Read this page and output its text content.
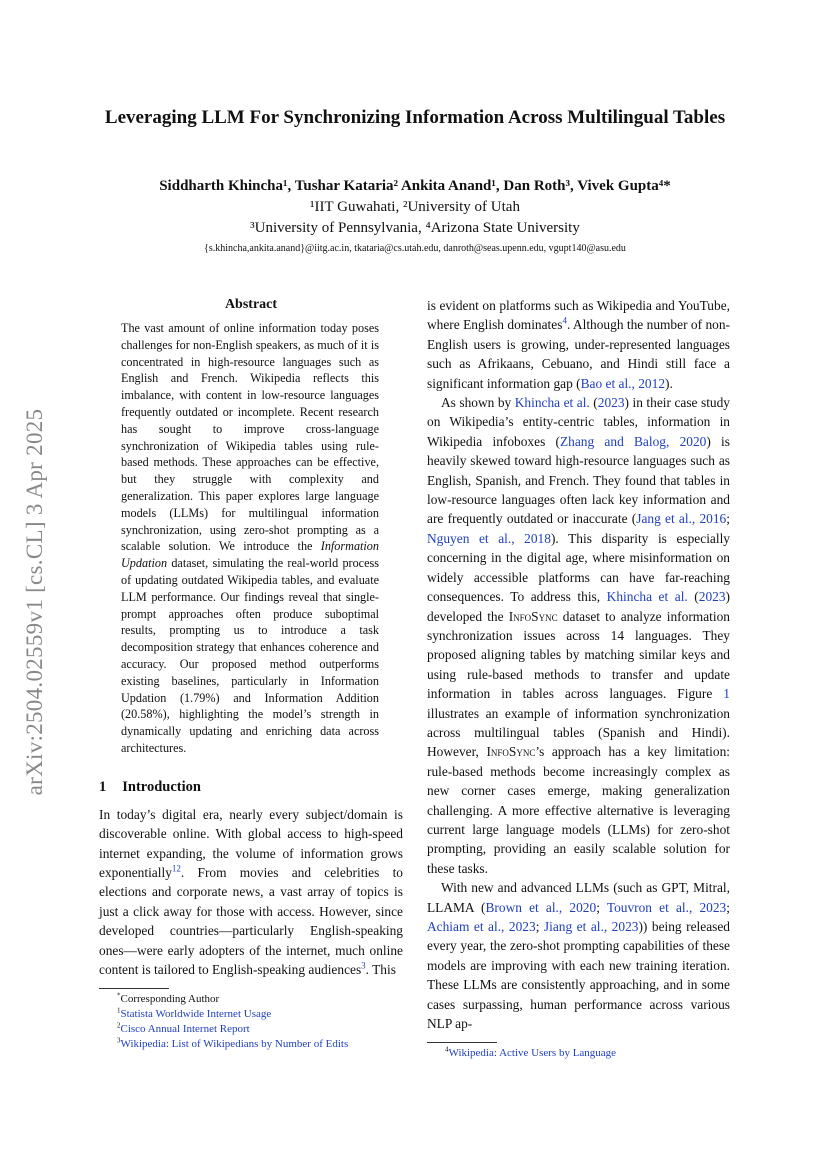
arXiv:2504.02559v1 [cs.CL] 3 Apr 2025
Leveraging LLM For Synchronizing Information Across Multilingual Tables
Siddharth Khincha¹, Tushar Kataria² Ankita Anand¹, Dan Roth³, Vivek Gupta⁴*
¹IIT Guwahati, ²University of Utah
³University of Pennsylvania, ⁴Arizona State University
{s.khincha,ankita.anand}@iitg.ac.in, tkataria@cs.utah.edu, danroth@seas.upenn.edu, vgupt140@asu.edu
Abstract

The vast amount of online information today poses challenges for non-English speakers, as much of it is concentrated in high-resource languages such as English and French. Wikipedia reflects this imbalance, with content in low-resource languages frequently outdated or incomplete. Recent research has sought to improve cross-language synchronization of Wikipedia tables using rule-based methods. These approaches can be effective, but they struggle with complexity and generalization. This paper explores large language models (LLMs) for multilingual information synchronization, using zero-shot prompting as a scalable solution. We introduce the Information Updation dataset, simulating the real-world process of updating outdated Wikipedia tables, and evaluate LLM performance. Our findings reveal that single-prompt approaches often produce suboptimal results, prompting us to introduce a task decomposition strategy that enhances coherence and accuracy. Our proposed method outperforms existing baselines, particularly in Information Updation (1.79%) and Information Addition (20.58%), highlighting the model’s strength in dynamically updating and enriching data across architectures.

1 Introduction

In today’s digital era, nearly every subject/domain is discoverable online. With global access to high-speed internet expanding, the volume of information grows exponentially$^{12}$. From movies and celebrities to elections and corporate news, a vast array of topics is just a click away for those with access. However, since developed countries—particularly English-speaking ones—were early adopters of the internet, much online content is tailored to English-speaking audiences$^3$. This

*Corresponding Author
$^1$Statista Worldwide Internet Usage
$^2$Cisco Annual Internet Report
$^3$Wikipedia: List of Wikipedians by Number of Edits

is evident on platforms such as Wikipedia and YouTube, where English dominates$^4$. Although the number of non-English users is growing, under-represented languages such as Afrikaans, Cebuano, and Hindi still face a significant information gap (Bao et al., 2012).

As shown by Khincha et al. (2023) in their case study on Wikipedia’s entity-centric tables, information in Wikipedia infoboxes (Zhang and Balog, 2020) is heavily skewed toward high-resource languages such as English, Spanish, and French. They found that tables in low-resource languages often lack key information and are frequently outdated or inaccurate (Jang et al., 2016; Nguyen et al., 2018). This disparity is especially concerning in the digital age, where misinformation on widely accessible platforms can have far-reaching consequences. To address this, Khincha et al. (2023) developed the InfoSync dataset to analyze information synchronization issues across 14 languages. They proposed aligning tables by matching similar keys and using rule-based methods to transfer and update information in tables across languages. Figure 1 illustrates an example of information synchronization across multilingual tables (Spanish and Hindi). However, InfoSync’s approach has a key limitation: rule-based methods become increasingly complex as new corner cases emerge, making generalization challenging. A more effective alternative is leveraging current large language models (LLMs) for zero-shot prompting, providing an easily scalable solution for these tasks.

With new and advanced LLMs (such as GPT, Mitral, LLAMA (Brown et al., 2020; Touvron et al., 2023; Achiam et al., 2023; Jiang et al., 2023)) being released every year, the zero-shot prompting capabilities of these models are improving with each new training iteration. These LLMs are consistently approaching, and in some cases surpassing, human performance across various NLP ap-

$^4$Wikipedia: Active Users by Language
